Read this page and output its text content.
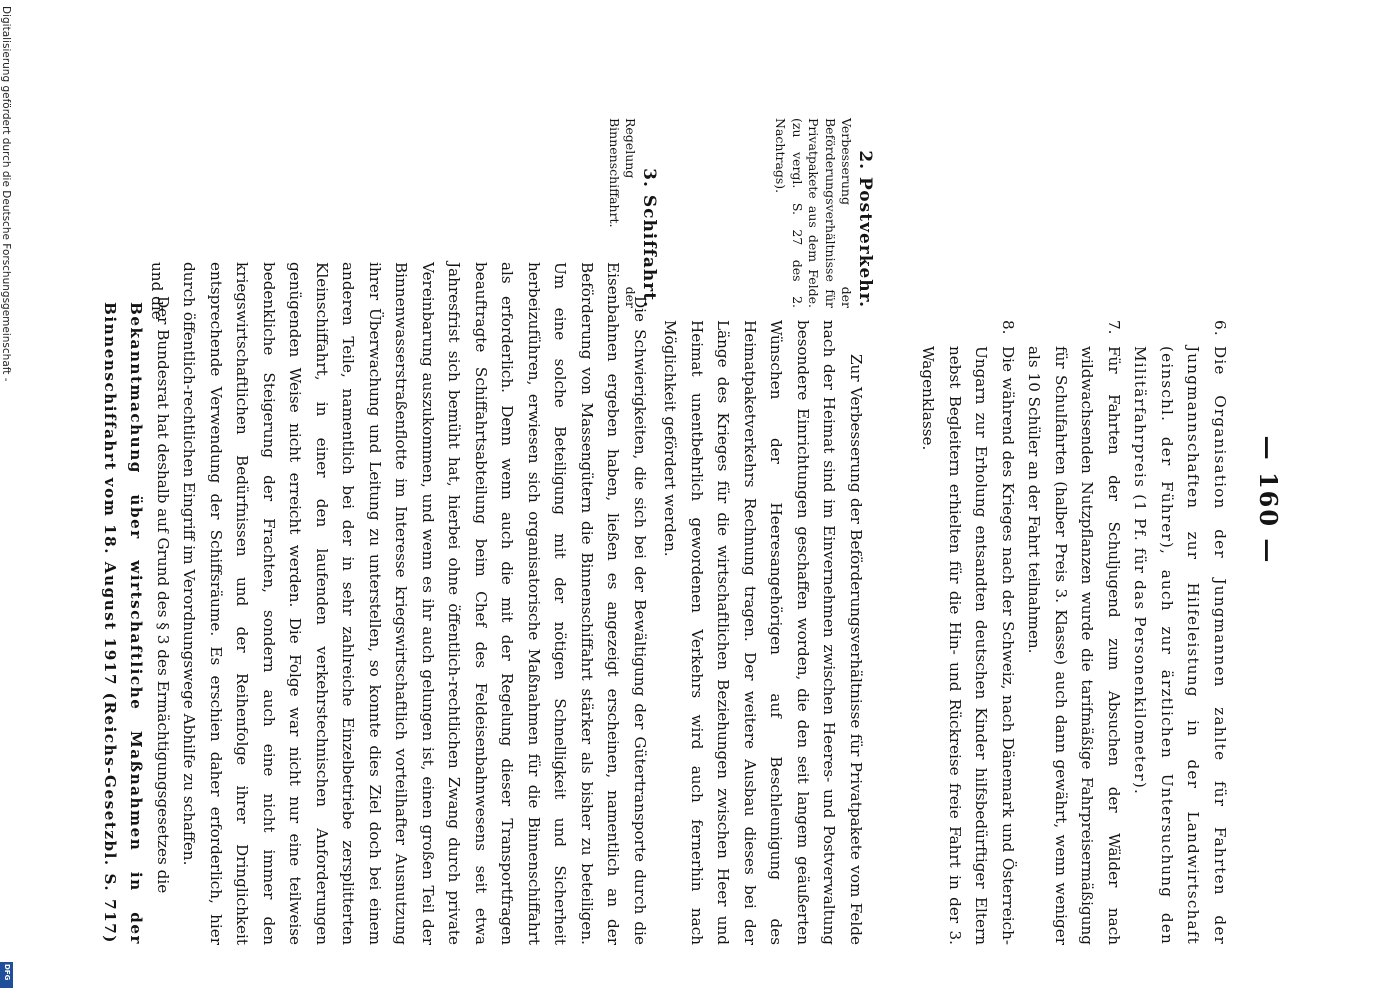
— 160 —

6.
Die Organisation der Jungmannen zahlte für Fahrten der Jungmannschaften zur Hilfeleistung in der Landwirtschaft (einschl. der Führer), auch zur ärztlichen Untersuchung den Militärfahrpreis (1 Pf. für das Personenkilometer).

7.
Für Fahrten der Schuljugend zum Absuchen der Wälder nach wildwachsenden Nutzpflanzen wurde die tarifmäßige Fahrpreisermäßigung für Schulfahrten (halber Preis 3. Klasse) auch dann gewährt, wenn weniger als 10 Schüler an der Fahrt teilnahmen.

8.
Die während des Krieges nach der Schweiz, nach Dänemark und Österreich-Ungarn zur Erholung entsandten deutschen Kinder hilfsbedürftiger Eltern nebst Begleitern erhielten für die Hin- und Rückreise freie Fahrt in der 3. Wagenklasse.

2. Postverkehr.
Verbesserung der Beförderungsverhältnisse für Privatpakete aus dem Felde. (zu vergl. S. 27 des 2. Nachtrags).

Zur Verbesserung der Beförderungsverhältnisse für Privatpakete vom Felde nach der Heimat sind im Einvernehmen zwischen Heeres- und Postverwaltung besondere Einrichtungen geschaffen worden, die den seit langem geäußerten Wünschen der Heeresangehörigen auf Beschleunigung des Heimatpaketverkehrs Rechnung tragen. Der weitere Ausbau dieses bei der Länge des Krieges für die wirtschaftlichen Beziehungen zwischen Heer und Heimat unentbehrlich gewordenen Verkehrs wird auch fernerhin nach Möglichkeit gefördert werden.

3. Schiffahrt.
Regelung der Binnenschiffahrt.

Die Schwierigkeiten, die sich bei der Bewältigung der Gütertransporte durch die Eisenbahnen ergeben haben, ließen es angezeigt erscheinen, namentlich an der Beförderung von Massengütern die Binnenschiffahrt stärker als bisher zu beteiligen. Um eine solche Beteiligung mit der nötigen Schnelligkeit und Sicherheit herbeizuführen, erwiesen sich organisatorische Maßnahmen für die Binnenschiffahrt als erforderlich. Denn wenn auch die mit der Regelung dieser Transportfragen beauftragte Schiffahrtsabteilung beim Chef des Feldeisenbahnwesens seit etwa Jahresfrist sich bemüht hat, hierbei ohne öffentlich-rechtlichen Zwang durch private Vereinbarung auszukommen, und wenn es ihr auch gelungen ist, einen großen Teil der Binnenwasserstraßenflotte im Interesse kriegswirtschaftlich vorteilhafter Ausnutzung ihrer Überwachung und Leitung zu unterstellen, so konnte dies Ziel doch bei einem anderen Teile, namentlich bei der in sehr zahlreiche Einzelbetriebe zersplitterten Kleinschiffahrt, in einer den laufenden verkehrstechnischen Anforderungen genügenden Weise nicht erreicht werden. Die Folge war nicht nur eine teilweise bedenkliche Steigerung der Frachten, sondern auch eine nicht immer den kriegswirtschaftlichen Bedürfnissen und der Reihenfolge ihrer Dringlichkeit entsprechende Verwendung der Schiffsräume. Es erschien daher erforderlich, hier durch öffentlich-rechtlichen Eingriff im Verordnungswege Abhilfe zu schaffen.

Der Bundesrat hat deshalb auf Grund des § 3 des Ermächtigungsgesetzes die

Bekanntmachung über wirtschaftliche Maßnahmen in der Binnenschiffahrt vom 18. August 1917 (Reichs-Gesetzbl. S. 717)

und die
Digitalisierung gefördert durch die Deutsche Forschungsgemeinschaft -
DFG
